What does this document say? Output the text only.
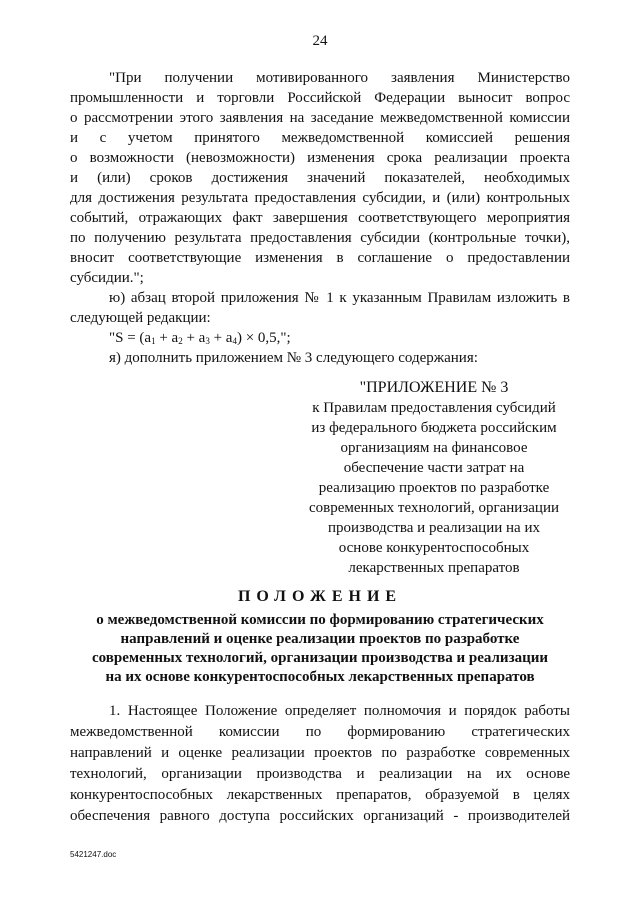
24
"При получении мотивированного заявления Министерство
промышленности и торговли Российской Федерации выносит вопрос
о рассмотрении этого заявления на заседание межведомственной комиссии
и с учетом принятого межведомственной комиссией решения
о возможности (невозможности) изменения срока реализации проекта
и (или) сроков достижения значений показателей, необходимых
для достижения результата предоставления субсидии, и (или) контрольных
событий, отражающих факт завершения соответствующего мероприятия
по получению результата предоставления субсидии (контрольные точки),
вносит соответствующие изменения в соглашение о предоставлении
субсидии.";
ю) абзац второй приложения № 1 к указанным Правилам изложить в
следующей редакции:
"$S = (a_1 + a_2 + a_3 + a_4) \times 0,5$,";
я) дополнить приложением № 3 следующего содержания:
"ПРИЛОЖЕНИЕ № 3
к Правилам предоставления субсидий
из федерального бюджета российским
организациям на финансовое
обеспечение части затрат на
реализацию проектов по разработке
современных технологий, организации
производства и реализации на их
основе конкурентоспособных
лекарственных препаратов
ПОЛОЖЕНИЕ
о межведомственной комиссии по формированию стратегических
направлений и оценке реализации проектов по разработке
современных технологий, организации производства и реализации
на их основе конкурентоспособных лекарственных препаратов
1. Настоящее Положение определяет полномочия и порядок работы
межведомственной комиссии по формированию стратегических
направлений и оценке реализации проектов по разработке современных
технологий, организации производства и реализации на их основе
конкурентоспособных лекарственных препаратов, образуемой в целях
обеспечения равного доступа российских организаций - производителей
5421247.doc
